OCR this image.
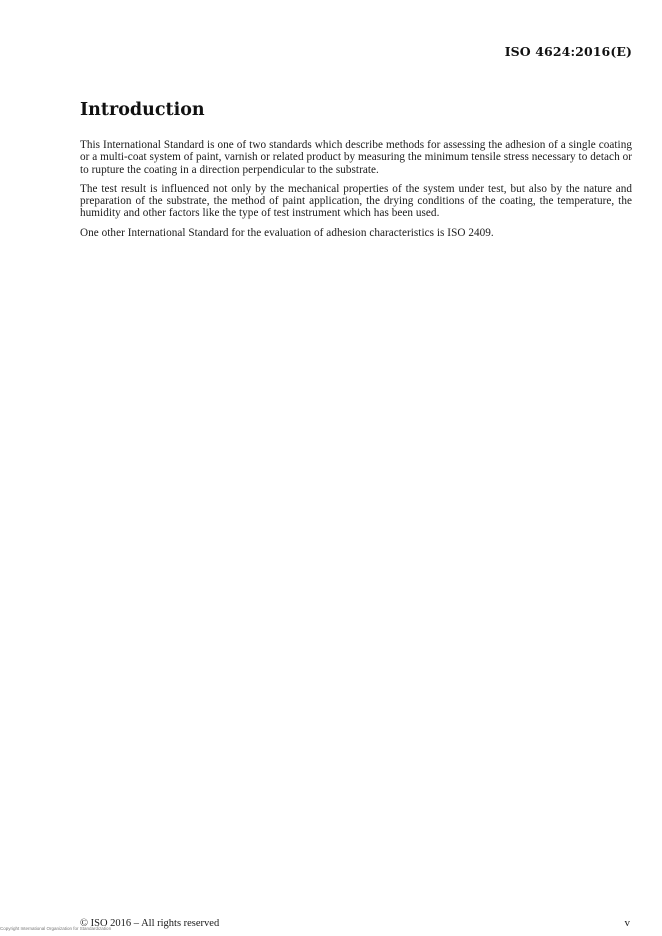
ISO 4624:2016(E)
Introduction

This International Standard is one of two standards which describe methods for assessing the adhesion of a single coating or a multi-coat system of paint, varnish or related product by measuring the minimum tensile stress necessary to detach or to rupture the coating in a direction perpendicular to the substrate.

The test result is influenced not only by the mechanical properties of the system under test, but also by the nature and preparation of the substrate, the method of paint application, the drying conditions of the coating, the temperature, the humidity and other factors like the type of test instrument which has been used.

One other International Standard for the evaluation of adhesion characteristics is ISO 2409.

Copyright International Organization for Standardization
© ISO 2016 – All rights reserved	v
